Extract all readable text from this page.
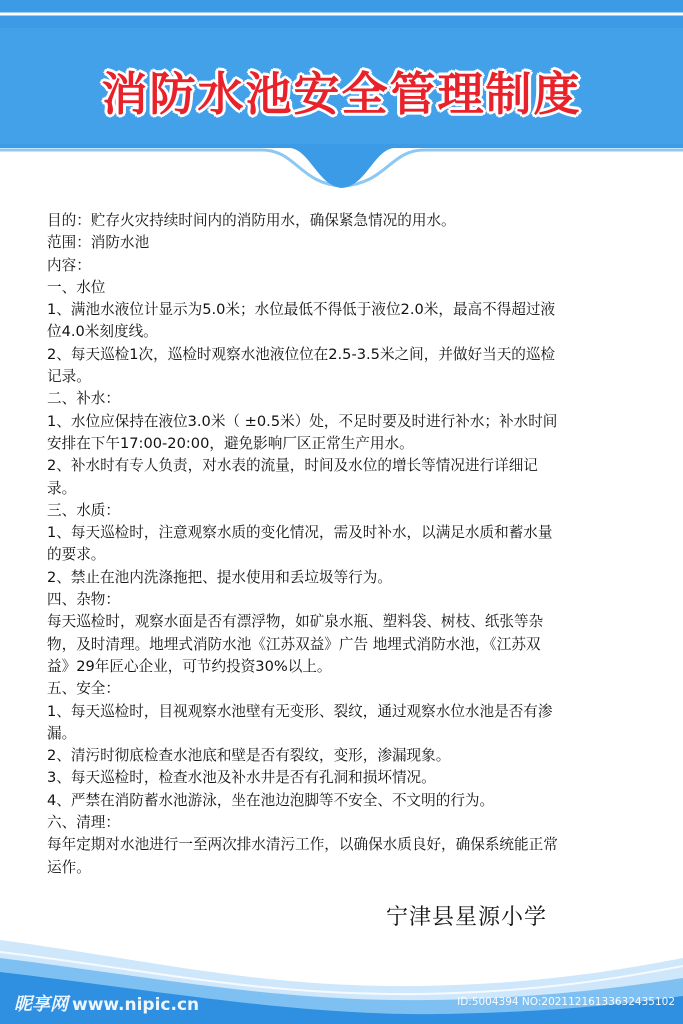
消防水池安全管理制度
目的：贮存火灾持续时间内的消防用水，确保紧急情况的用水。
范围：消防水池
内容：
一、水位
1、满池水液位计显示为5.0米；水位最低不得低于液位2.0米，最高不得超过液
位4.0米刻度线。
2、每天巡检1次，巡检时观察水池液位位在2.5-3.5米之间，并做好当天的巡检
记录。
二、补水：
1、水位应保持在液位3.0米（ ±0.5米）处，不足时要及时进行补水；补水时间
安排在下午17:00-20:00，避免影响厂区正常生产用水。
2、补水时有专人负责，对水表的流量，时间及水位的增长等情况进行详细记
录。
三、水质：
1、每天巡检时，注意观察水质的变化情况，需及时补水，以满足水质和蓄水量
的要求。
2、禁止在池内洗涤拖把、提水使用和丢垃圾等行为。
四、杂物：
每天巡检时，观察水面是否有漂浮物，如矿泉水瓶、塑料袋、树枝、纸张等杂
物，及时清理。地埋式消防水池《江苏双益》广告 地埋式消防水池，《江苏双
益》29年匠心企业，可节约投资30%以上。
五、安全：
1、每天巡检时，目视观察水池壁有无变形、裂纹，通过观察水位水池是否有渗
漏。
2、清污时彻底检查水池底和壁是否有裂纹，变形，渗漏现象。
3、每天巡检时，检查水池及补水井是否有孔洞和损坏情况。
4、严禁在消防蓄水池游泳，坐在池边泡脚等不安全、不文明的行为。
六、清理：
每年定期对水池进行一至两次排水清污工作，以确保水质良好，确保系统能正常
运作。
宁津县星源小学
昵享网 www.nipic.cn	ID:5004394 NO:20211216133632435102
